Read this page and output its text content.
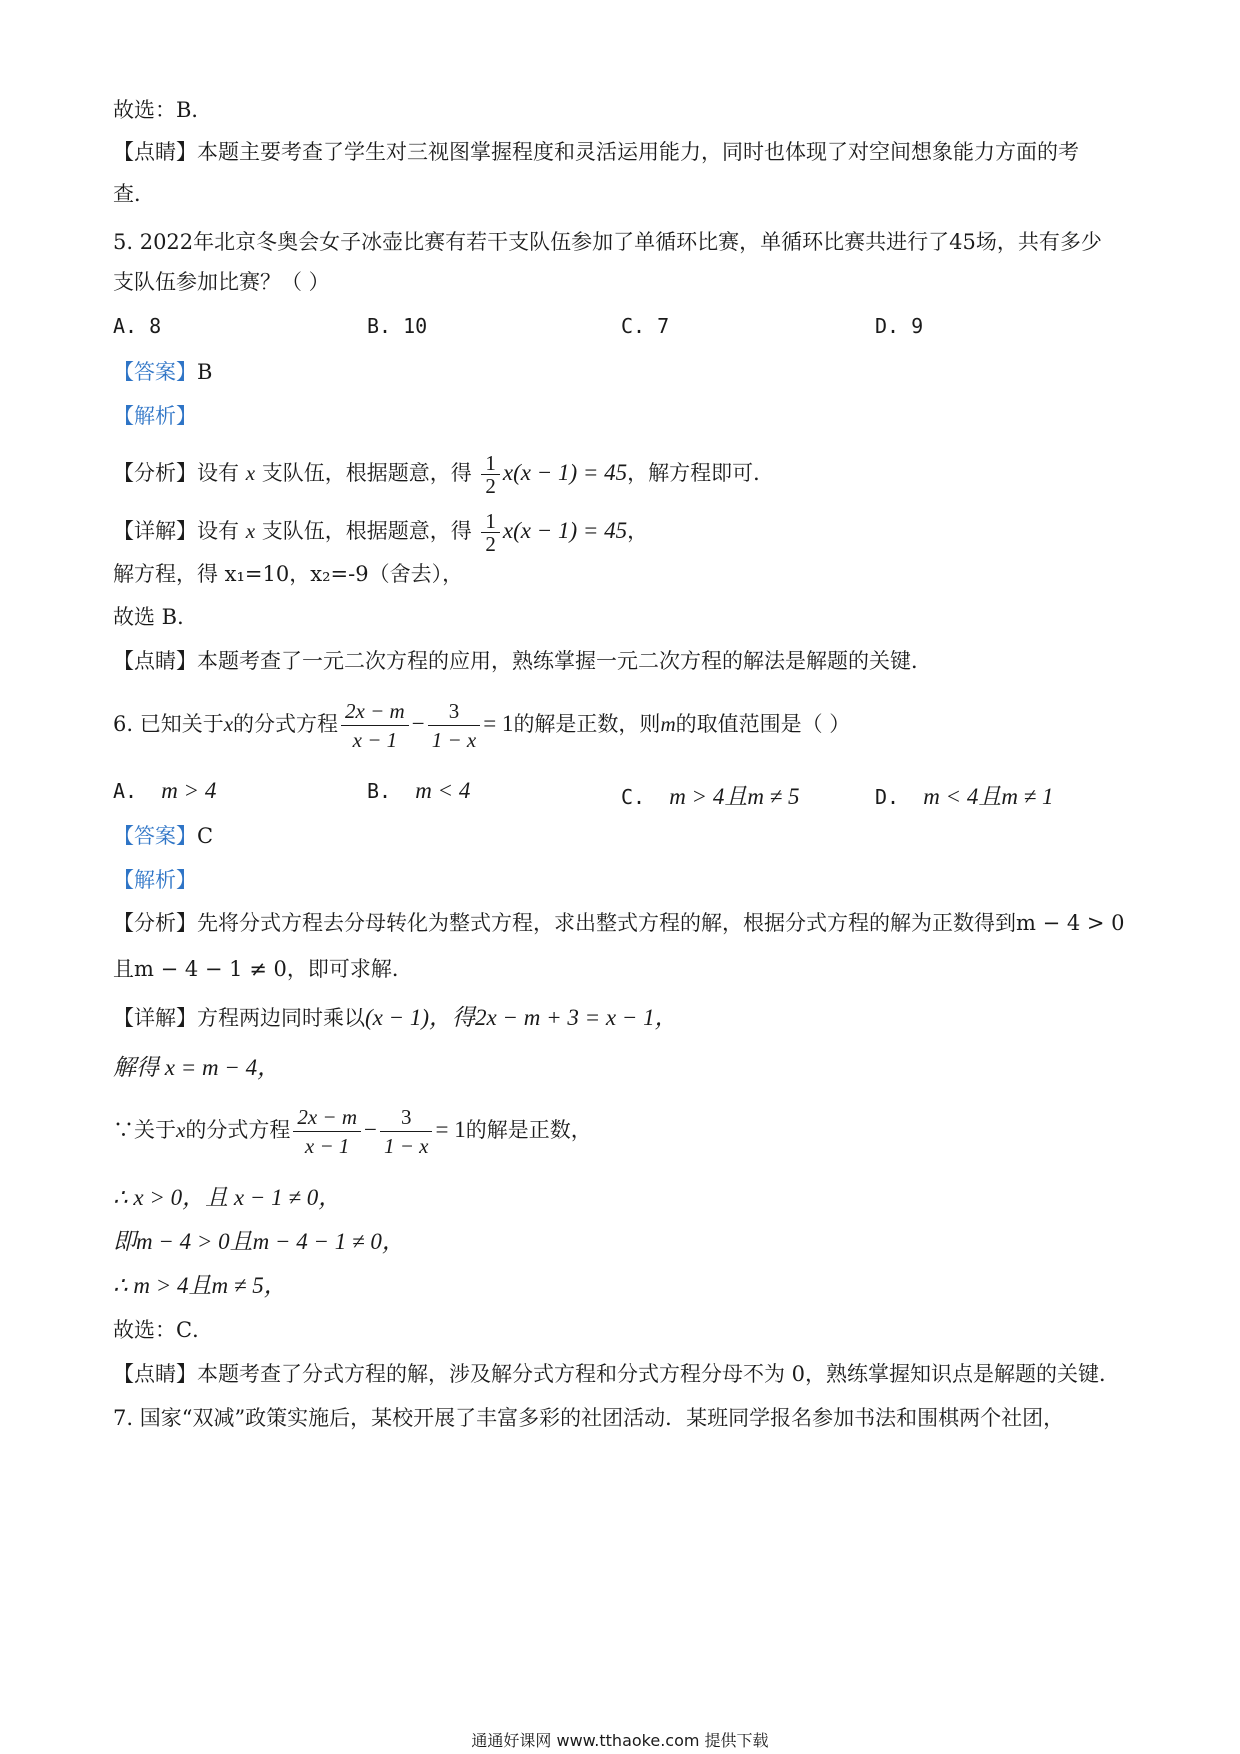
故选：B．
【点睛】本题主要考查了学生对三视图掌握程度和灵活运用能力，同时也体现了对空间想象能力方面的考
查．
5. 2022年北京冬奥会女子冰壶比赛有若干支队伍参加了单循环比赛，单循环比赛共进行了45场，共有多少
支队伍参加比赛？（ ）
A. 8	B. 10	C. 7	D. 9
【答案】B
【解析】
【分析】设有 x 支队伍，根据题意，得 $\frac{1}{2} x(x - 1) = 45$，解方程即可．
【详解】设有 x 支队伍，根据题意，得 $\frac{1}{2} x(x - 1) = 45$，
解方程，得 x₁=10，x₂=-9（舍去），
故选 B．
【点睛】本题考查了一元二次方程的应用，熟练掌握一元二次方程的解法是解题的关键．
6. 已知关于x的分式方程 $\frac{2x - m}{x - 1} - \frac{3}{1 - x} = 1$的解是正数，则m的取值范围是（ ）
A. m > 4	B. m < 4	C. m > 4且m ≠ 5	D. m < 4且m ≠ 1
【答案】C
【解析】
【分析】先将分式方程去分母转化为整式方程，求出整式方程的解，根据分式方程的解为正数得到m − 4 > 0
且m − 4 − 1 ≠ 0，即可求解．
【详解】方程两边同时乘以(x − 1)，得2x − m + 3 = x − 1，
解得 x = m − 4，
∵关于x的分式方程 $\frac{2x - m}{x - 1} - \frac{3}{1 - x} = 1$的解是正数，
∴ x > 0，且 x − 1 ≠ 0，
即m − 4 > 0且m − 4 − 1 ≠ 0，
∴ m > 4且m ≠ 5，
故选：C．
【点睛】本题考查了分式方程的解，涉及解分式方程和分式方程分母不为 0，熟练掌握知识点是解题的关键．
7. 国家“双减”政策实施后，某校开展了丰富多彩的社团活动．某班同学报名参加书法和围棋两个社团，
通通好课网 www.tthaoke.com 提供下载
